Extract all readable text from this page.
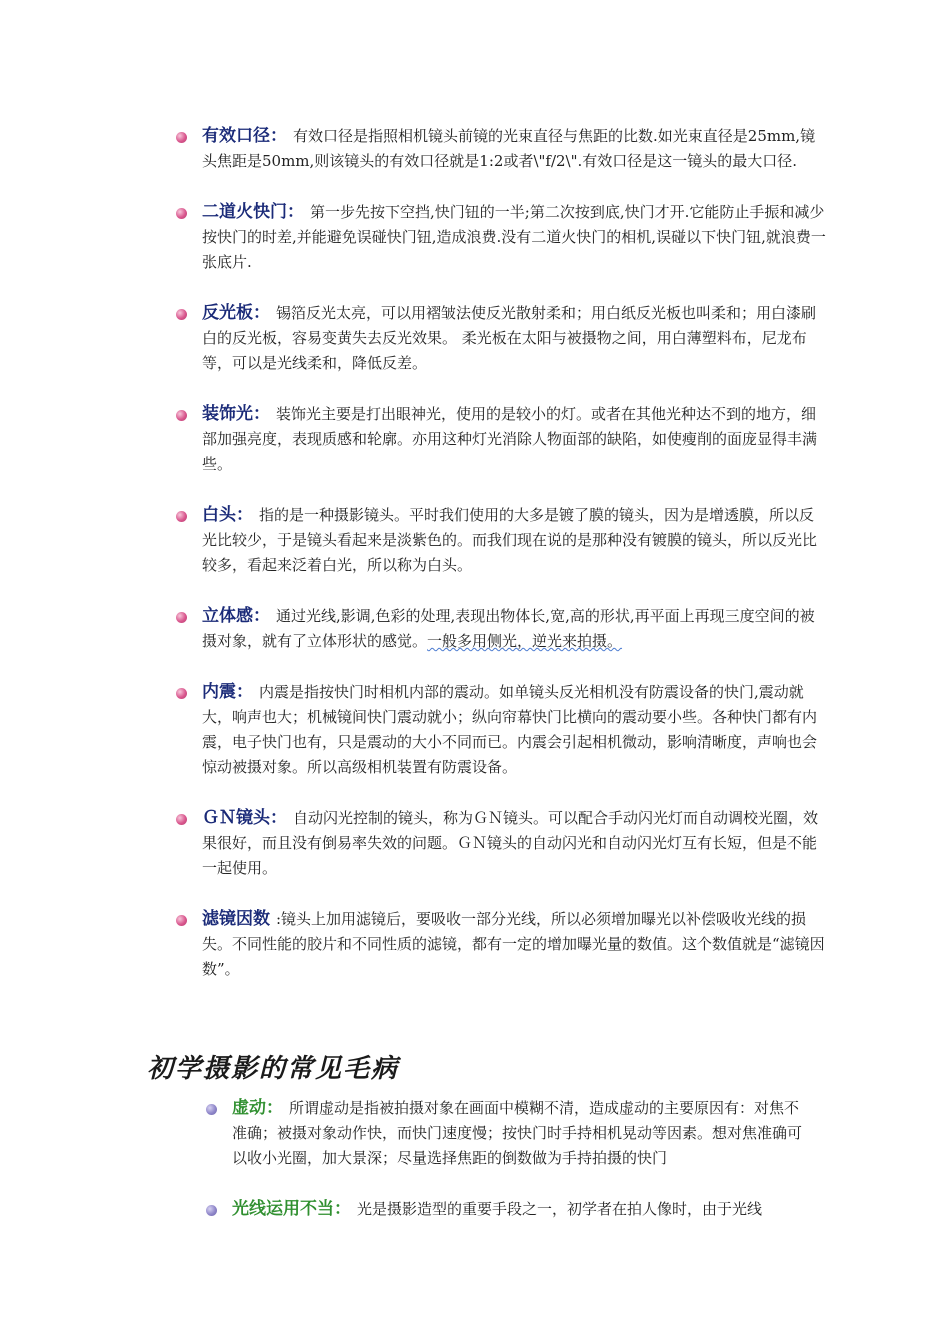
有效口径： 有效口径是指照相机镜头前镜的光束直径与焦距的比数.如光束直径是25mm,镜头焦距是50mm,则该镜头的有效口径就是1:2或者\"f/2\".有效口径是这一镜头的最大口径.

二道火快门： 第一步先按下空挡,快门钮的一半;第二次按到底,快门才开.它能防止手振和减少按快门的时差,并能避免误碰快门钮,造成浪费.没有二道火快门的相机,误碰以下快门钮,就浪费一张底片.

反光板： 锡箔反光太亮，可以用褶皱法使反光散射柔和；用白纸反光板也叫柔和；用白漆刷白的反光板，容易变黄失去反光效果。 柔光板在太阳与被摄物之间，用白薄塑料布，尼龙布等，可以是光线柔和，降低反差。

装饰光： 装饰光主要是打出眼神光，使用的是较小的灯。或者在其他光种达不到的地方，细部加强亮度，表现质感和轮廓。亦用这种灯光消除人物面部的缺陷，如使瘦削的面庞显得丰满些。

白头： 指的是一种摄影镜头。平时我们使用的大多是镀了膜的镜头，因为是增透膜，所以反光比较少，于是镜头看起来是淡紫色的。而我们现在说的是那种没有镀膜的镜头，所以反光比较多，看起来泛着白光，所以称为白头。

立体感： 通过光线,影调,色彩的处理,表现出物体长,宽,高的形状,再平面上再现三度空间的被摄对象，就有了立体形状的感觉。一般多用侧光，逆光来拍摄。

内震： 内震是指按快门时相机内部的震动。如单镜头反光相机没有防震设备的快门,震动就大，响声也大；机械镜间快门震动就小；纵向帘幕快门比横向的震动要小些。各种快门都有内震，电子快门也有，只是震动的大小不同而已。内震会引起相机微动，影响清晰度，声响也会惊动被摄对象。所以高级相机装置有防震设备。

ＧＮ镜头： 自动闪光控制的镜头，称为ＧＮ镜头。可以配合手动闪光灯而自动调校光圈，效果很好，而且没有倒易率失效的问题。ＧＮ镜头的自动闪光和自动闪光灯互有长短，但是不能一起使用。

滤镜因数 :镜头上加用滤镜后，要吸收一部分光线，所以必须增加曝光以补偿吸收光线的损失。不同性能的胶片和不同性质的滤镜，都有一定的增加曝光量的数值。这个数值就是“滤镜因数”。

初学摄影的常见毛病

虚动： 所谓虚动是指被拍摄对象在画面中模糊不清，造成虚动的主要原因有：对焦不准确；被摄对象动作快，而快门速度慢；按快门时手持相机晃动等因素。想对焦准确可以收小光圈，加大景深；尽量选择焦距的倒数做为手持拍摄的快门

光线运用不当： 光是摄影造型的重要手段之一，初学者在拍人像时，由于光线
